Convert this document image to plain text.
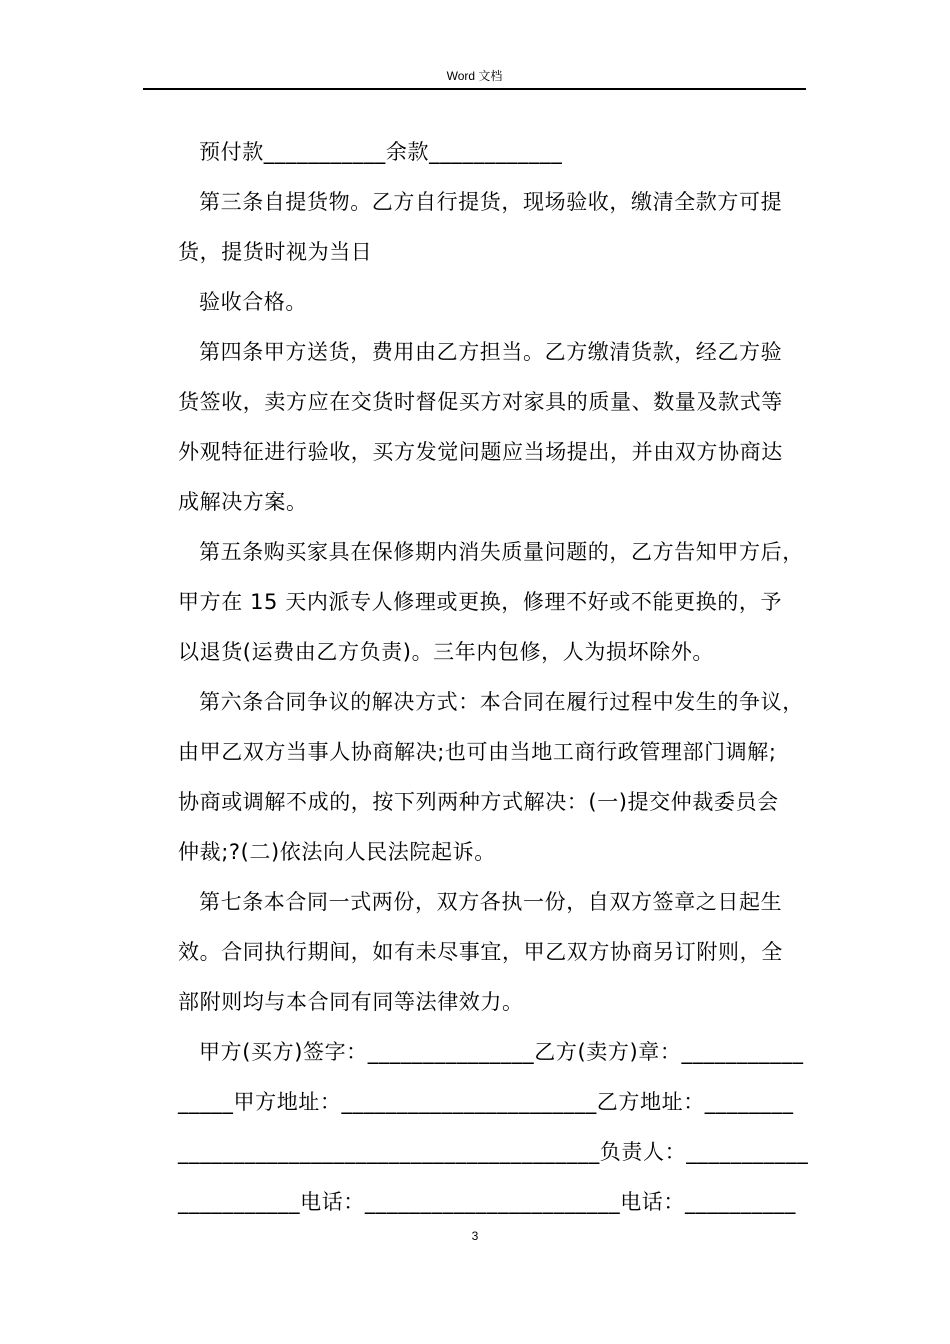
Word 文档
预付款___________余款____________
第三条自提货物。乙方自行提货，现场验收，缴清全款方可提
货，提货时视为当日
验收合格。
第四条甲方送货，费用由乙方担当。乙方缴清货款，经乙方验
货签收，卖方应在交货时督促买方对家具的质量、数量及款式等
外观特征进行验收，买方发觉问题应当场提出，并由双方协商达
成解决方案。
第五条购买家具在保修期内消失质量问题的，乙方告知甲方后，
甲方在 15 天内派专人修理或更换，修理不好或不能更换的，予
以退货(运费由乙方负责)。三年内包修，人为损坏除外。
第六条合同争议的解决方式：本合同在履行过程中发生的争议，
由甲乙双方当事人协商解决;也可由当地工商行政管理部门调解;
协商或调解不成的，按下列两种方式解决：(一)提交仲裁委员会
仲裁;?(二)依法向人民法院起诉。
第七条本合同一式两份，双方各执一份，自双方签章之日起生
效。合同执行期间，如有未尽事宜，甲乙双方协商另订附则，全
部附则均与本合同有同等法律效力。
甲方(买方)签字：_______________乙方(卖方)章：___________
_____甲方地址：_______________________乙方地址：________
______________________________________负责人：___________
___________电话：_______________________电话：__________
3
